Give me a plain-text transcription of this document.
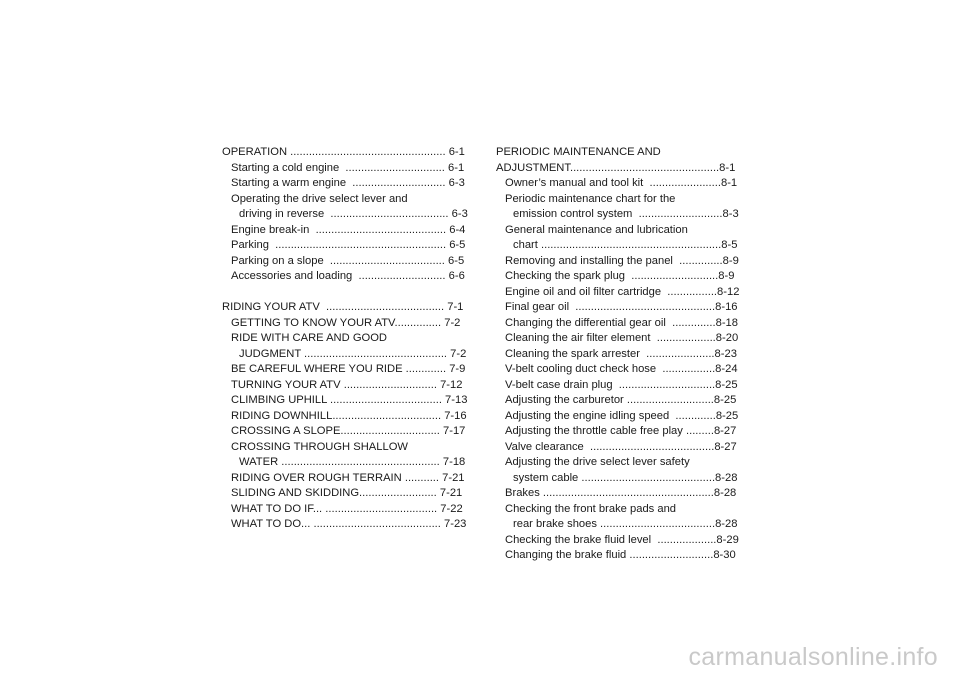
OPERATION .................................................. 6-1
Starting a cold engine  ................................ 6-1
Starting a warm engine  .............................. 6-3
Operating the drive select lever and
driving in reverse  ...................................... 6-3
Engine break-in  .......................................... 6-4
Parking  ....................................................... 6-5
Parking on a slope  ..................................... 6-5
Accessories and loading  ............................ 6-6
RIDING YOUR ATV  ...................................... 7-1
GETTING TO KNOW YOUR ATV............... 7-2
RIDE WITH CARE AND GOOD
JUDGMENT .............................................. 7-2
BE CAREFUL WHERE YOU RIDE ............. 7-9
TURNING YOUR ATV .............................. 7-12
CLIMBING UPHILL .................................... 7-13
RIDING DOWNHILL................................... 7-16
CROSSING A SLOPE................................ 7-17
CROSSING THROUGH SHALLOW
WATER ................................................... 7-18
RIDING OVER ROUGH TERRAIN ........... 7-21
SLIDING AND SKIDDING......................... 7-21
WHAT TO DO IF... .................................... 7-22
WHAT TO DO... ......................................... 7-23
PERIODIC MAINTENANCE AND
ADJUSTMENT................................................8-1
Owner’s manual and tool kit  .......................8-1
Periodic maintenance chart for the
emission control system  ...........................8-3
General maintenance and lubrication
chart ..........................................................8-5
Removing and installing the panel  ..............8-9
Checking the spark plug  ............................8-9
Engine oil and oil filter cartridge  ................8-12
Final gear oil  .............................................8-16
Changing the differential gear oil  ..............8-18
Cleaning the air filter element  ...................8-20
Cleaning the spark arrester  ......................8-23
V-belt cooling duct check hose  .................8-24
V-belt case drain plug  ...............................8-25
Adjusting the carburetor ............................8-25
Adjusting the engine idling speed  .............8-25
Adjusting the throttle cable free play .........8-27
Valve clearance  ........................................8-27
Adjusting the drive select lever safety
system cable ...........................................8-28
Brakes .......................................................8-28
Checking the front brake pads and
rear brake shoes .....................................8-28
Checking the brake fluid level  ...................8-29
Changing the brake fluid ...........................8-30
carmanualsonline.info
